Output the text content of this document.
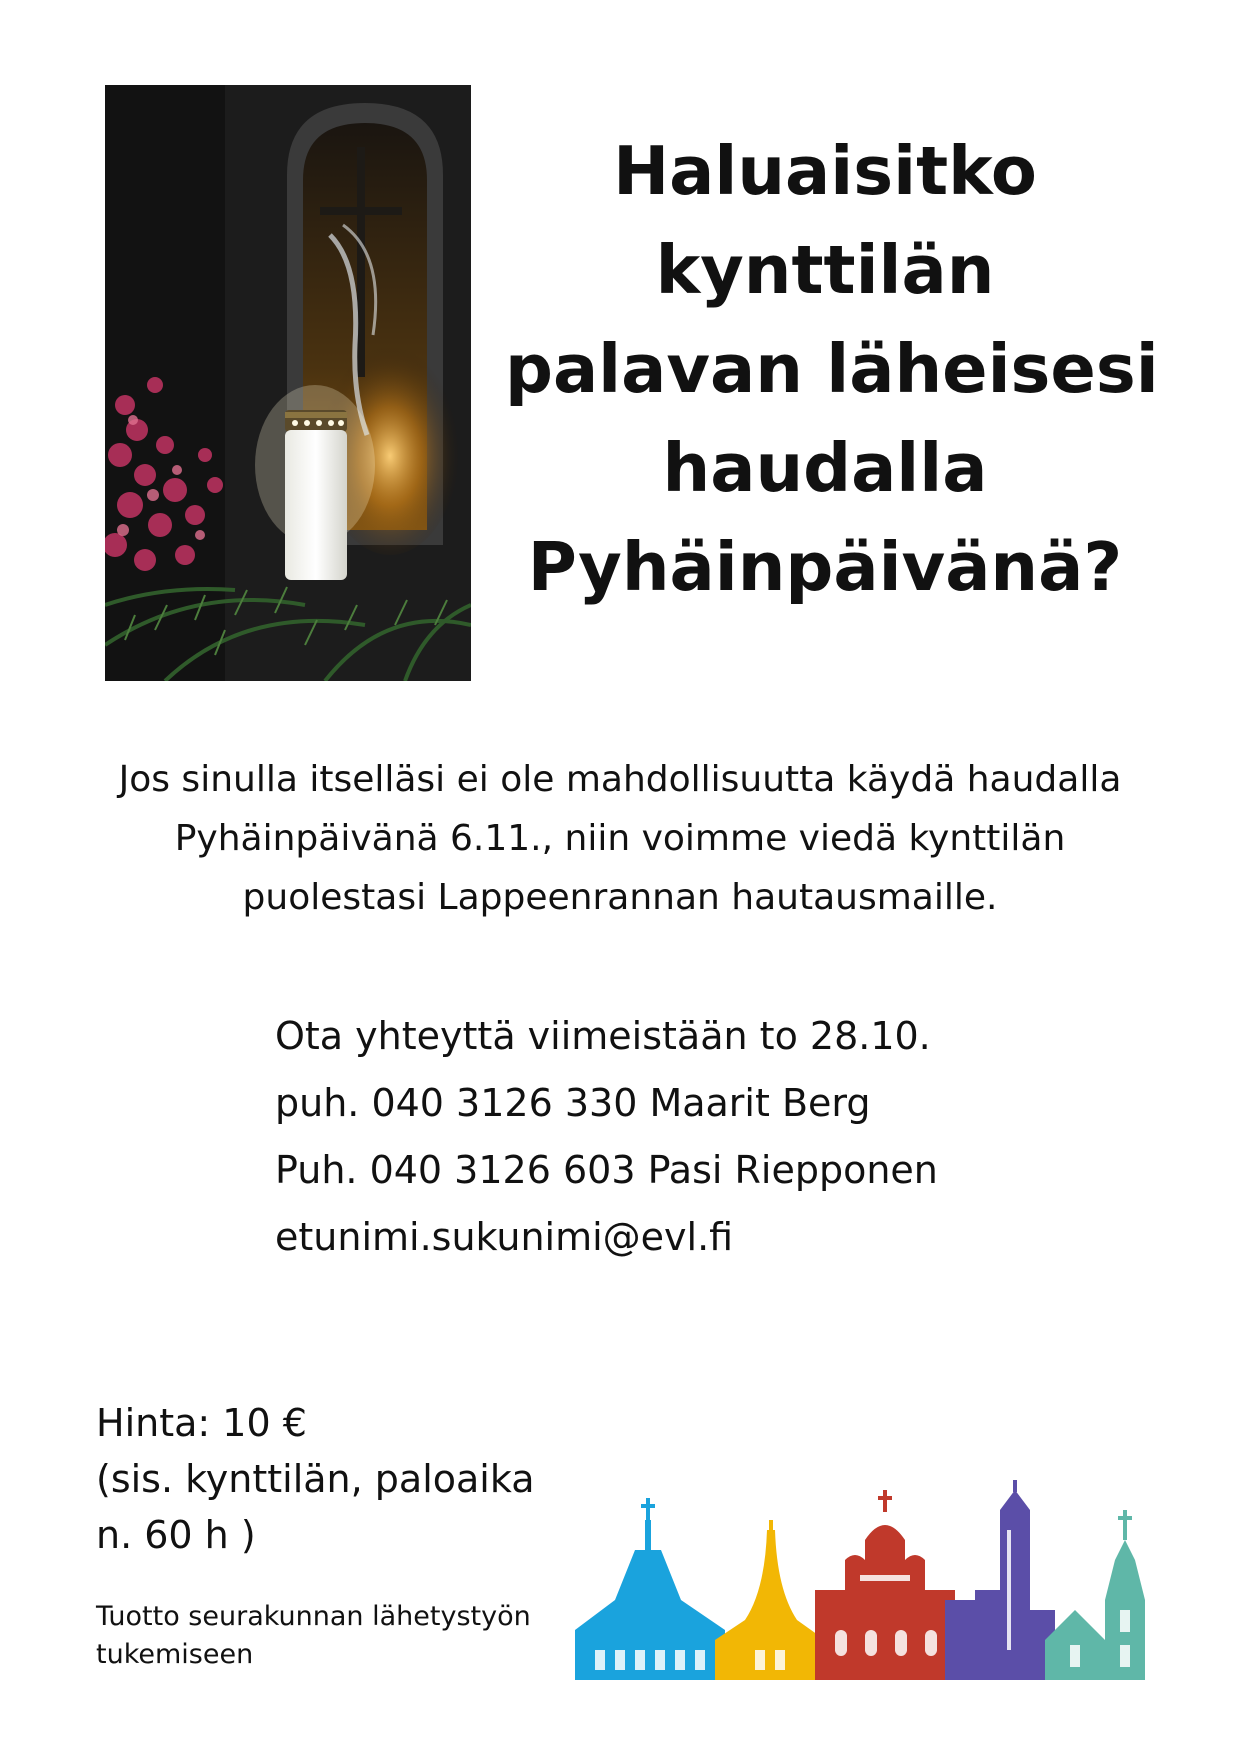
Haluaisitko
kynttilän
palavan läheisesi
haudalla
Pyhäinpäivänä?
Jos sinulla itselläsi ei ole mahdollisuutta käydä haudalla
Pyhäinpäivänä 6.11., niin voimme viedä kynttilän
puolestasi Lappeenrannan hautausmaille.
Ota yhteyttä viimeistään to 28.10.
puh. 040 3126 330 Maarit Berg
Puh. 040 3126 603 Pasi Riepponen
etunimi.sukunimi@evl.fi
Hinta: 10 €
(sis. kynttilän, paloaika
n. 60 h )
Tuotto seurakunnan lähetystyön
tukemiseen
